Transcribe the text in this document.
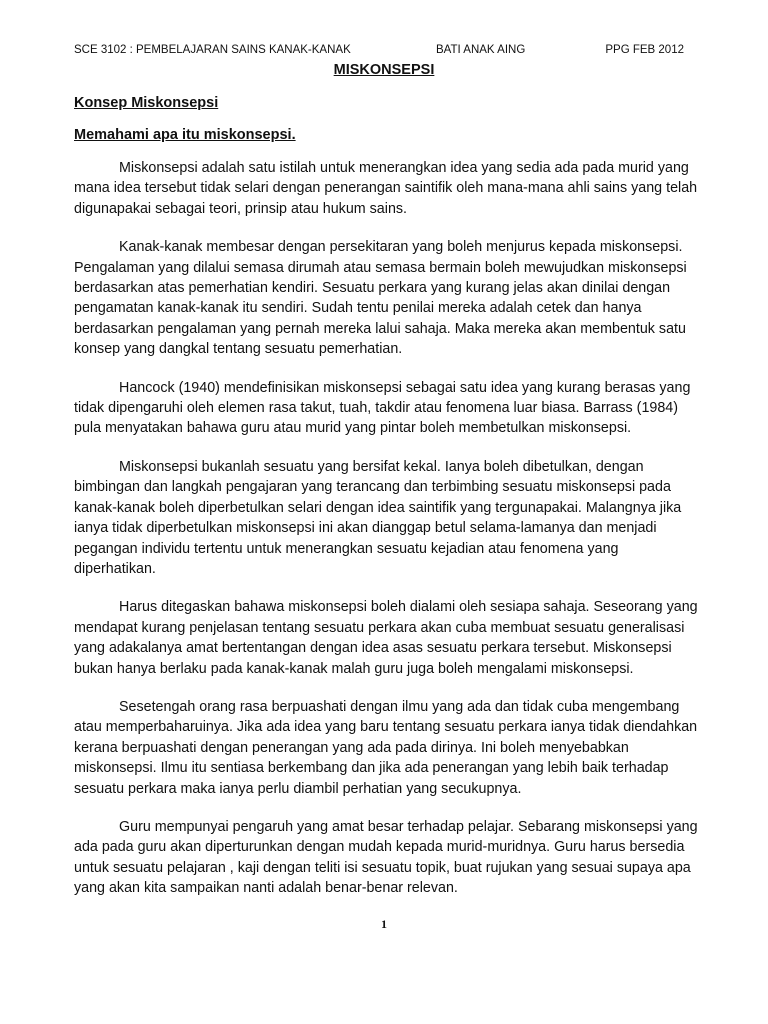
SCE 3102 : PEMBELAJARAN SAINS KANAK-KANAK	BATI ANAK AING	PPG FEB 2012
MISKONSEPSI
Konsep Miskonsepsi
Memahami apa itu miskonsepsi.

Miskonsepsi adalah satu istilah untuk menerangkan idea yang sedia ada pada murid yang mana idea tersebut tidak selari dengan penerangan saintifik oleh mana-mana ahli sains yang telah digunapakai sebagai teori, prinsip atau hukum sains.

Kanak-kanak membesar dengan persekitaran yang boleh menjurus kepada miskonsepsi. Pengalaman yang dilalui semasa dirumah atau semasa bermain boleh mewujudkan miskonsepsi berdasarkan atas pemerhatian kendiri. Sesuatu perkara yang kurang jelas akan dinilai dengan pengamatan kanak-kanak itu sendiri. Sudah tentu penilai mereka adalah cetek dan hanya berdasarkan pengalaman yang pernah mereka lalui sahaja. Maka mereka akan membentuk satu konsep yang dangkal tentang sesuatu pemerhatian.

Hancock (1940) mendefinisikan miskonsepsi sebagai satu idea yang kurang berasas yang tidak dipengaruhi oleh elemen rasa takut, tuah, takdir atau fenomena luar biasa. Barrass (1984) pula menyatakan bahawa guru atau murid yang pintar boleh membetulkan miskonsepsi.

Miskonsepsi bukanlah sesuatu yang bersifat kekal. Ianya boleh dibetulkan, dengan bimbingan dan langkah pengajaran yang terancang dan terbimbing sesuatu miskonsepsi pada kanak-kanak boleh diperbetulkan selari dengan idea saintifik yang tergunapakai. Malangnya jika ianya tidak diperbetulkan miskonsepsi ini akan dianggap betul selama-lamanya dan menjadi pegangan individu tertentu untuk menerangkan sesuatu kejadian atau fenomena yang diperhatikan.

Harus ditegaskan bahawa miskonsepsi boleh dialami oleh sesiapa sahaja. Seseorang yang mendapat kurang penjelasan tentang sesuatu perkara akan cuba membuat sesuatu generalisasi yang adakalanya amat bertentangan dengan idea asas sesuatu perkara tersebut. Miskonsepsi bukan hanya berlaku pada kanak-kanak malah guru juga boleh mengalami miskonsepsi.

Sesetengah orang rasa berpuashati dengan ilmu yang ada dan tidak cuba mengembang atau memperbaharuinya. Jika ada idea yang baru tentang sesuatu perkara ianya tidak diendahkan kerana berpuashati dengan penerangan yang ada pada dirinya. Ini boleh menyebabkan miskonsepsi. Ilmu itu sentiasa berkembang dan jika ada penerangan yang lebih baik terhadap sesuatu perkara maka ianya perlu diambil perhatian yang secukupnya.

Guru mempunyai pengaruh yang amat besar terhadap pelajar. Sebarang miskonsepsi yang ada pada guru akan diperturunkan dengan mudah kepada murid-muridnya. Guru harus bersedia untuk sesuatu pelajaran , kaji dengan teliti isi sesuatu topik, buat rujukan yang sesuai supaya apa yang akan kita sampaikan nanti adalah benar-benar relevan.

1
